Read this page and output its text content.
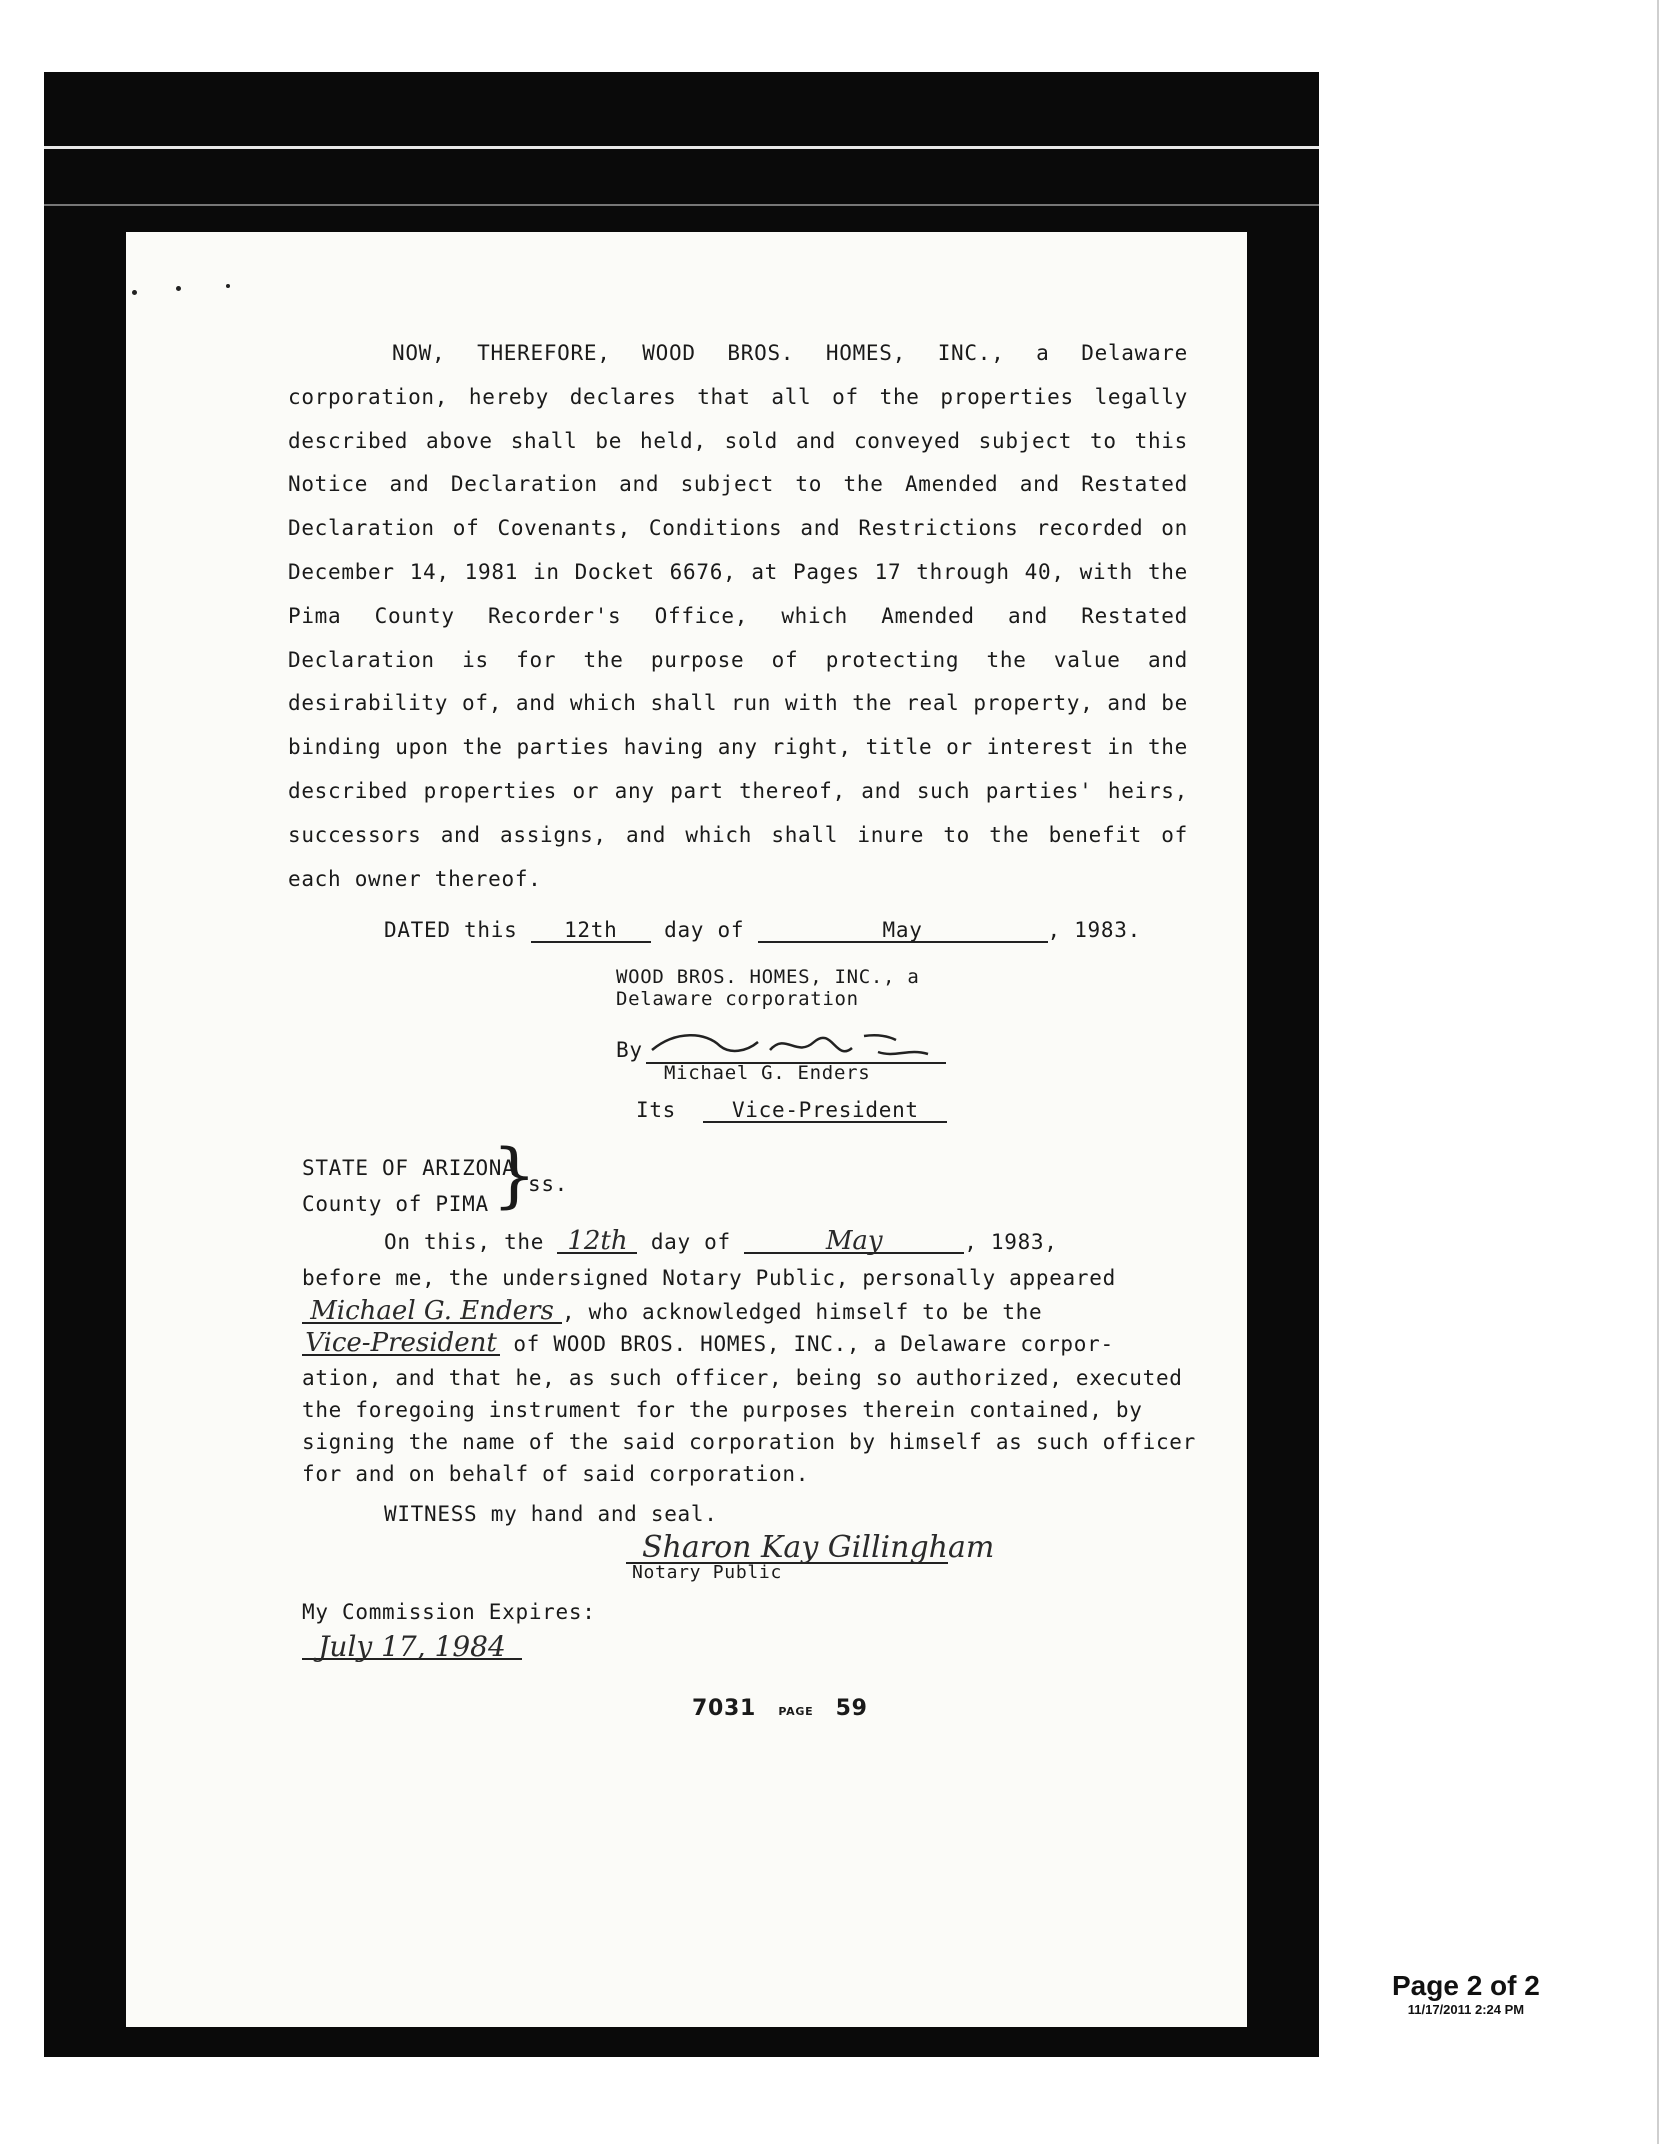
NOW, THEREFORE, WOOD BROS. HOMES, INC., a Delaware corporation, hereby declares that all of the properties legally described above shall be held, sold and conveyed subject to this Notice and Declaration and subject to the Amended and Restated Declaration of Covenants, Conditions and Restrictions recorded on December 14, 1981 in Docket 6676, at Pages 17 through 40, with the Pima County Recorder's Office, which Amended and Restated Declaration is for the purpose of protecting the value and desirability of, and which shall run with the real property, and be binding upon the parties having any right, title or interest in the described properties or any part thereof, and such parties' heirs, successors and assigns, and which shall inure to the benefit of each owner thereof.
DATED this 12th day of	May	, 1983.
WOOD BROS. HOMES, INC., a
Delaware corporation
By
Michael G. Enders
Its	Vice-President
STATE OF ARIZONA
County of PIMA }
ss.
On this, the 12th day of	May	, 1983,
before me, the undersigned Notary Public, personally appeared
Michael G. Enders , who acknowledged himself to be the
Vice-President of WOOD BROS. HOMES, INC., a Delaware corpor-
ation, and that he, as such officer, being so authorized, executed
the foregoing instrument for the purposes therein contained, by
signing the name of the said corporation by himself as such officer
for and on behalf of said corporation.
WITNESS my hand and seal.
Sharon Kay Gillingham
Notary Public
My Commission Expires:
July 17, 1984
7031 PAGE 59
Page 2 of 2
11/17/2011 2:24 PM
